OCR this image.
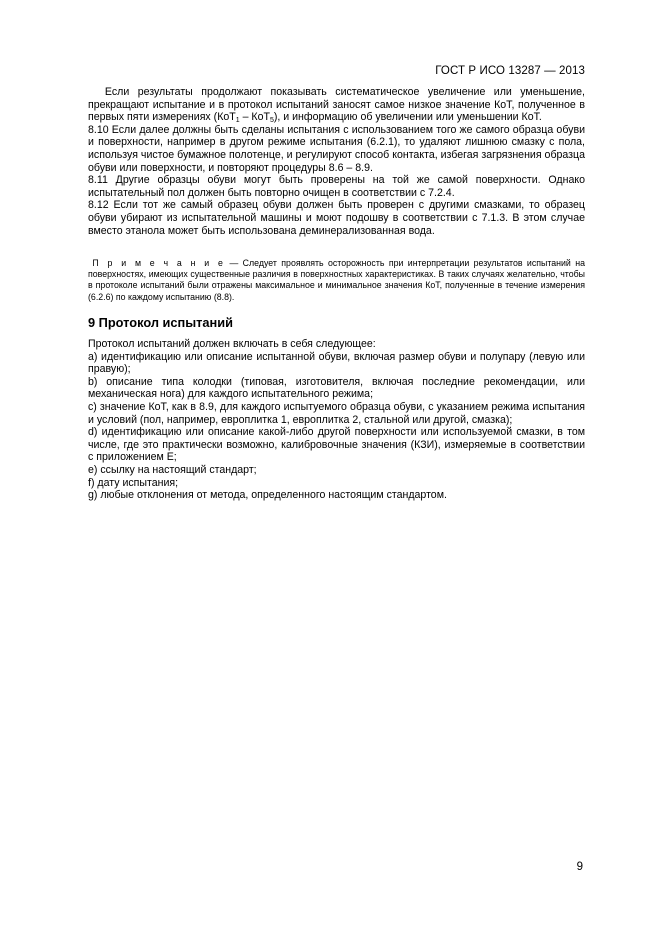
ГОСТ Р ИСО 13287 — 2013

Если результаты продолжают показывать систематическое увеличение или уменьшение, прекращают испытание и в протокол испытаний заносят самое низкое значение КоТ, полученное в первых пяти измерениях (КоТ$_1$ – КоТ$_5$), и информацию об увеличении или уменьшении КоТ.

8.10 Если далее должны быть сделаны испытания с использованием того же самого образца обуви и поверхности, например в другом режиме испытания (6.2.1), то удаляют лишнюю смазку с пола, используя чистое бумажное полотенце, и регулируют способ контакта, избегая загрязнения образца обуви или поверхности, и повторяют процедуры 8.6 – 8.9.

8.11 Другие образцы обуви могут быть проверены на той же самой поверхности. Однако испытательный пол должен быть повторно очищен в соответствии с 7.2.4.

8.12 Если тот же самый образец обуви должен быть проверен с другими смазками, то образец обуви убирают из испытательной машины и моют подошву в соответствии с 7.1.3. В этом случае вместо этанола может быть использована деминерализованная вода.

П р и м е ч а н и е — Следует проявлять осторожность при интерпретации результатов испытаний на поверхностях, имеющих существенные различия в поверхностных характеристиках. В таких случаях желательно, чтобы в протоколе испытаний были отражены максимальное и минимальное значения КоТ, полученные в течение измерения (6.2.6) по каждому испытанию (8.8).
9 Протокол испытаний

Протокол испытаний должен включать в себя следующее:

а) идентификацию или описание испытанной обуви, включая размер обуви и полупару (левую или правую);

b) описание типа колодки (типовая, изготовителя, включая последние рекомендации, или механическая нога) для каждого испытательного режима;

c) значение КоТ, как в 8.9, для каждого испытуемого образца обуви, с указанием режима испытания и условий (пол, например, европлитка 1, европлитка 2, стальной или другой, смазка);

d) идентификацию или описание какой-либо другой поверхности или используемой смазки, в том числе, где это практически возможно, калибровочные значения (КЗИ), измеряемые в соответствии с приложением Е;

e) ссылку на настоящий стандарт;

f) дату испытания;

g) любые отклонения от метода, определенного настоящим стандартом.

9
